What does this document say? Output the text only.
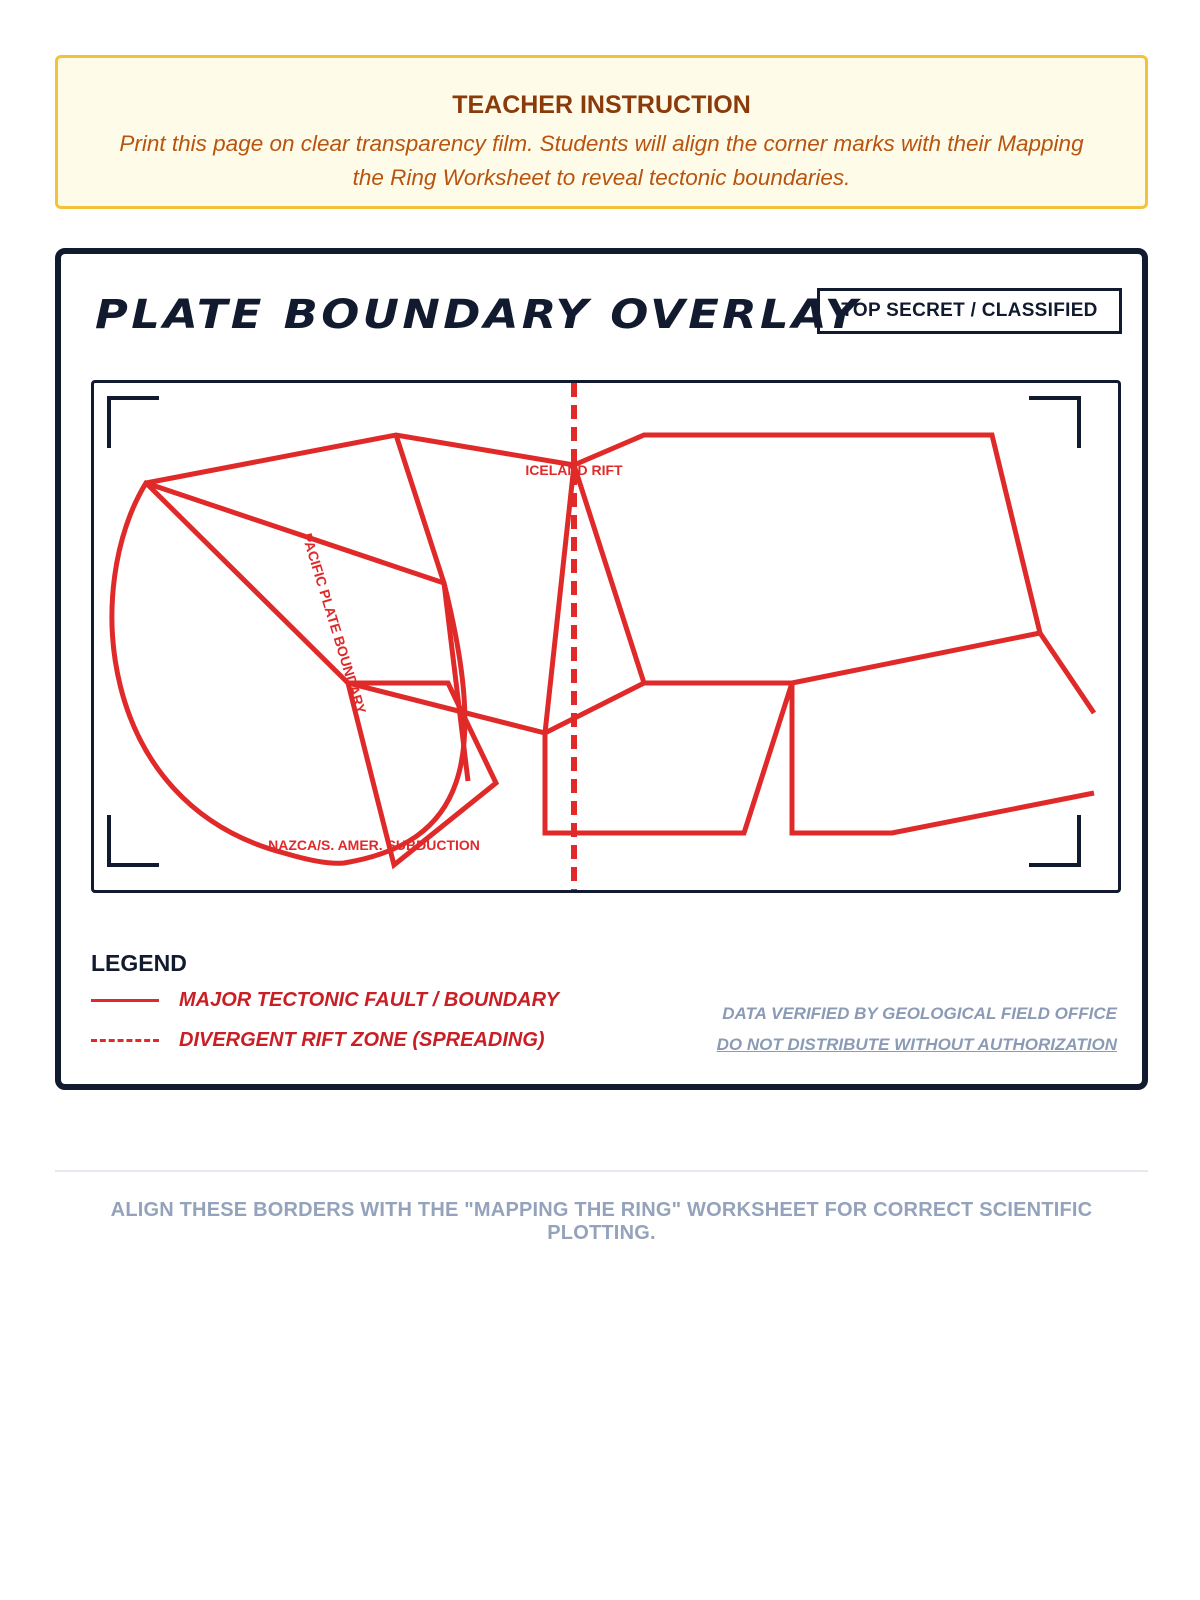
TEACHER INSTRUCTION
Print this page on clear transparency film. Students will align the corner marks with their Mapping the Ring Worksheet to reveal tectonic boundaries.
PLATE BOUNDARY OVERLAY
TOP SECRET / CLASSIFIED
ICELAND RIFT
PACIFIC PLATE BOUNDARY
NAZCA/S. AMER. SUBDUCTION
LEGEND
MAJOR TECTONIC FAULT / BOUNDARY
DIVERGENT RIFT ZONE (SPREADING)
DATA VERIFIED BY GEOLOGICAL FIELD OFFICE
DO NOT DISTRIBUTE WITHOUT AUTHORIZATION
ALIGN THESE BORDERS WITH THE "MAPPING THE RING" WORKSHEET FOR CORRECT SCIENTIFIC PLOTTING.
